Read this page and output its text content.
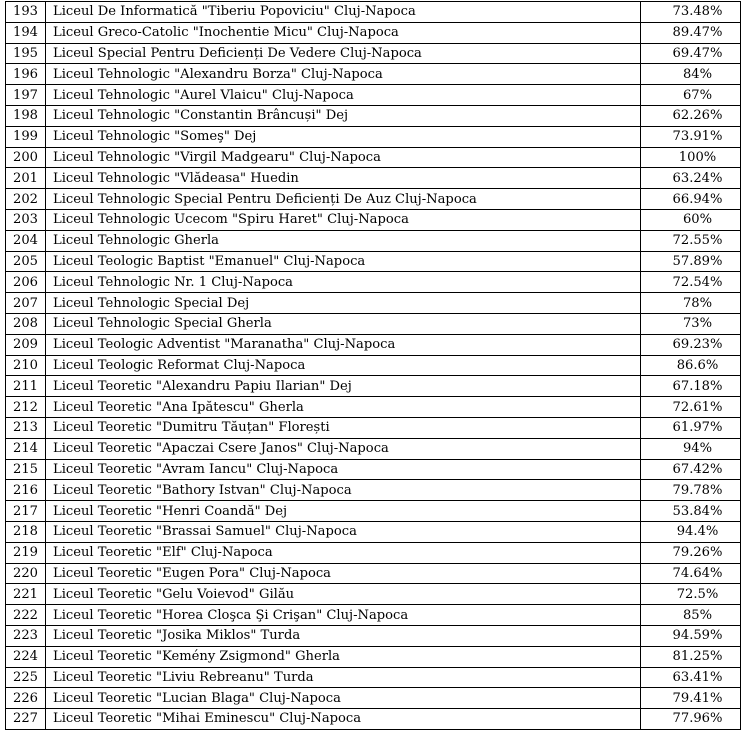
193	Liceul De Informatică "Tiberiu Popoviciu" Cluj-Napoca	73.48%
194	Liceul Greco-Catolic "Inochentie Micu" Cluj-Napoca	89.47%
195	Liceul Special Pentru Deficienți De Vedere Cluj-Napoca	69.47%
196	Liceul Tehnologic "Alexandru Borza" Cluj-Napoca	84%
197	Liceul Tehnologic "Aurel Vlaicu" Cluj-Napoca	67%
198	Liceul Tehnologic "Constantin Brâncuși" Dej	62.26%
199	Liceul Tehnologic "Someş" Dej	73.91%
200	Liceul Tehnologic "Virgil Madgearu" Cluj-Napoca	100%
201	Liceul Tehnologic "Vlădeasa" Huedin	63.24%
202	Liceul Tehnologic Special Pentru Deficienți De Auz Cluj-Napoca	66.94%
203	Liceul Tehnologic Ucecom "Spiru Haret" Cluj-Napoca	60%
204	Liceul Tehnologic Gherla	72.55%
205	Liceul Teologic Baptist "Emanuel" Cluj-Napoca	57.89%
206	Liceul Tehnologic Nr. 1 Cluj-Napoca	72.54%
207	Liceul Tehnologic Special Dej	78%
208	Liceul Tehnologic Special Gherla	73%
209	Liceul Teologic Adventist "Maranatha" Cluj-Napoca	69.23%
210	Liceul Teologic Reformat Cluj-Napoca	86.6%
211	Liceul Teoretic "Alexandru Papiu Ilarian" Dej	67.18%
212	Liceul Teoretic "Ana Ipătescu" Gherla	72.61%
213	Liceul Teoretic "Dumitru Tăuțan" Florești	61.97%
214	Liceul Teoretic "Apaczai Csere Janos" Cluj-Napoca	94%
215	Liceul Teoretic "Avram Iancu" Cluj-Napoca	67.42%
216	Liceul Teoretic "Bathory Istvan" Cluj-Napoca	79.78%
217	Liceul Teoretic "Henri Coandă" Dej	53.84%
218	Liceul Teoretic "Brassai Samuel" Cluj-Napoca	94.4%
219	Liceul Teoretic "Elf" Cluj-Napoca	79.26%
220	Liceul Teoretic "Eugen Pora" Cluj-Napoca	74.64%
221	Liceul Teoretic "Gelu Voievod" Gilău	72.5%
222	Liceul Teoretic "Horea Cloşca Şi Crişan" Cluj-Napoca	85%
223	Liceul Teoretic "Josika Miklos" Turda	94.59%
224	Liceul Teoretic "Kemény Zsigmond" Gherla	81.25%
225	Liceul Teoretic "Liviu Rebreanu" Turda	63.41%
226	Liceul Teoretic "Lucian Blaga" Cluj-Napoca	79.41%
227	Liceul Teoretic "Mihai Eminescu" Cluj-Napoca	77.96%
